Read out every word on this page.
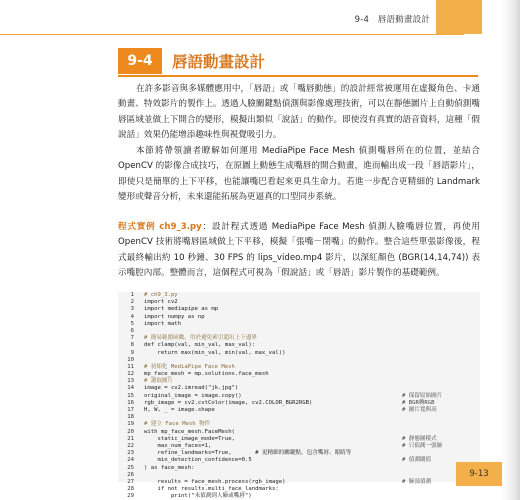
9-4 唇語動畫設計
9-4	唇語動畫設計
在許多影音與多媒體應用中，「唇語」或「嘴唇動態」的設計經常被運用在虛擬角色、卡通動畫、特效影片的製作上。透過人臉關鍵點偵測與影像處理技術，可以在靜態圖片上自動偵測嘴唇區域並做上下開合的變形，模擬出類似「說話」的動作。即使沒有真實的語音資料，這種「假說話」效果仍能增添趣味性與視覺吸引力。
本節將帶領讀者瞭解如何運用 MediaPipe Face Mesh 偵測嘴唇所在的位置，並結合 OpenCV 的影像合成技巧，在原圖上動態生成嘴唇的開合動畫，進而輸出成一段「唇語影片」，即使只是簡單的上下平移，也能讓嘴巴看起來更具生命力。若進一步配合更精細的 Landmark 變形或聲音分析，未來還能拓展為更逼真的口型同步系統。
程式實例 ch9_3.py：設計程式透過 MediaPipe Face Mesh 偵測人臉嘴唇位置，再使用 OpenCV 技術將嘴唇區域做上下平移，模擬「張嘴－閉嘴」的動作。整合這些單張影像後，程式最終輸出約 10 秒鐘、30 FPS 的 lips_video.mp4 影片，以深紅顏色 (BGR(14,14,74)) 表示嘴腔內部。整體而言，這個程式可視為「假說話」或「唇語」影片製作的基礎範例。
1 # ch9_3.py
2 import cv2
3 import mediapipe as mp
4 import numpy as np
5 import math
6
7 # 簡易範圍函數，用於避免索引超出上下邊界
8 def clamp(val, min_val, max_val):
9 return max(min_val, min(val, max_val))
10
11 # 初始化 MediaPipe Face Mesh
12 mp_face_mesh = mp.solutions.face_mesh
13 # 讀取圖片
14 image = cv2.imread("jk.jpg")
15 original_image = image.copy()	# 保留原始圖片
16 rgb_image = cv2.cvtColor(image, cv2.COLOR_BGR2RGB)	# BGR轉RGB
17 H, W, _ = image.shape	# 圖片寬與高
18
19 # 建立 Face Mesh 物件
20 with mp_face_mesh.FaceMesh(
21 static_image_mode=True,	# 靜態圖模式
22 max_num_faces=1,	# 只偵測一張臉
23 refine_landmarks=True,       # 更精細的關鍵點，包含嘴唇、眼睛等
24 min_detection_confidence=0.5	# 偵測閾值
25 ) as face_mesh:
26
27 results = face_mesh.process(rgb_image)	# 臉部偵測
28 if not results.multi_face_landmarks:
29 print("未偵測到人臉或嘴唇")
9-13
